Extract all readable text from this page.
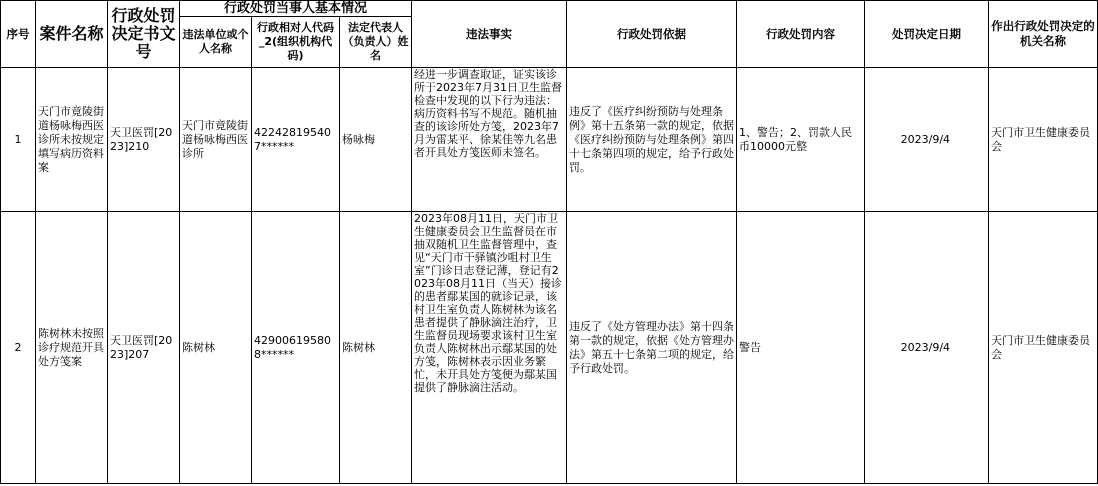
序号	案件名称	行政处罚决定书文号	行政处罚当事人基本情况			违法事实	行政处罚依据	行政处罚内容	处罚决定日期	作出行政处罚决定的机关名称
			违法单位或个人名称	行政相对人代码_2(组织机构代码)	法定代表人（负责人）姓名					
1	天门市竟陵街道杨咏梅西医诊所未按规定填写病历资料案	天卫医罚[2023]210	天门市竟陵街道杨咏梅西医诊所	422428195407******	杨咏梅	经进一步调查取证，证实该诊所于2023年7月31日卫生监督检查中发现的以下行为违法：病历资料书写不规范。随机抽查的该诊所处方笺，2023年7月为雷某平、徐某佳等九名患者开具处方笺医师未签名。	违反了《医疗纠纷预防与处理条例》第十五条第一款的规定，依据《医疗纠纷预防与处理条例》第四十七条第四项的规定，给予行政处罚。	1、警告；2、罚款人民币10000元整	2023/9/4	天门市卫生健康委员会
2	陈树林未按照诊疗规范开具处方笺案	天卫医罚[2023]207	陈树林	429006195808******	陈树林	2023年08月11日，天门市卫生健康委员会卫生监督员在市抽双随机卫生监督管理中，查见“天门市干驿镇沙咀村卫生室”门诊日志登记薄，登记有2023年08月11日（当天）接诊的患者鄢某国的就诊记录，该村卫生室负责人陈树林为该名患者提供了静脉滴注治疗，卫生监督员现场要求该村卫生室负责人陈树林出示鄢某国的处方笺，陈树林表示因业务繁忙，未开具处方笺便为鄢某国提供了静脉滴注活动。	违反了《处方管理办法》第十四条第一款的规定，依据《处方管理办法》第五十七条第二项的规定，给予行政处罚。	警告	2023/9/4	天门市卫生健康委员会
